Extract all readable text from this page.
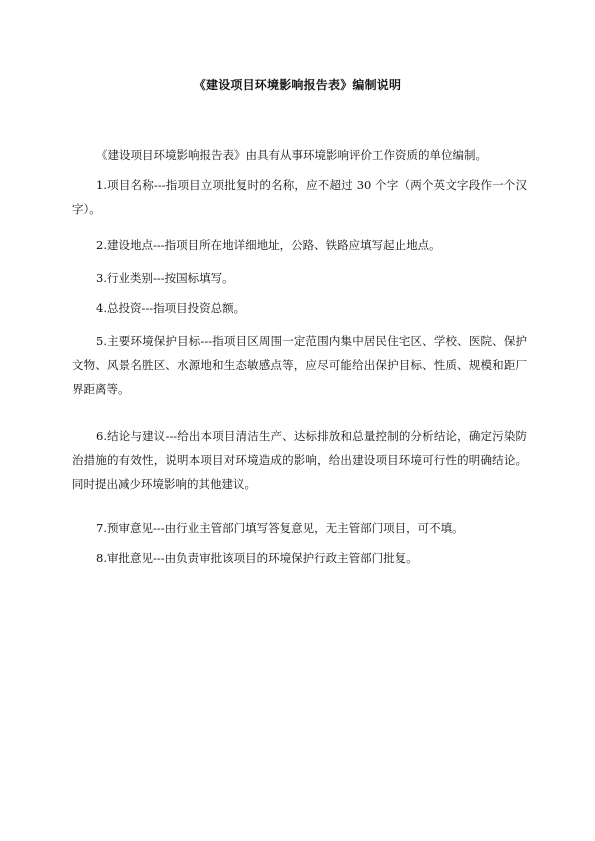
《建设项目环境影响报告表》编制说明

《建设项目环境影响报告表》由具有从事环境影响评价工作资质的单位编制。

1.项目名称---指项目立项批复时的名称，应不超过 30 个字（两个英文字段作一个汉字）。

2.建设地点---指项目所在地详细地址，公路、铁路应填写起止地点。

3.行业类别---按国标填写。

4.总投资---指项目投资总额。

5.主要环境保护目标---指项目区周围一定范围内集中居民住宅区、学校、医院、保护文物、风景名胜区、水源地和生态敏感点等，应尽可能给出保护目标、性质、规模和距厂界距离等。

6.结论与建议---给出本项目清洁生产、达标排放和总量控制的分析结论，确定污染防治措施的有效性，说明本项目对环境造成的影响，给出建设项目环境可行性的明确结论。同时提出减少环境影响的其他建议。

7.预审意见---由行业主管部门填写答复意见，无主管部门项目，可不填。

8.审批意见---由负责审批该项目的环境保护行政主管部门批复。
